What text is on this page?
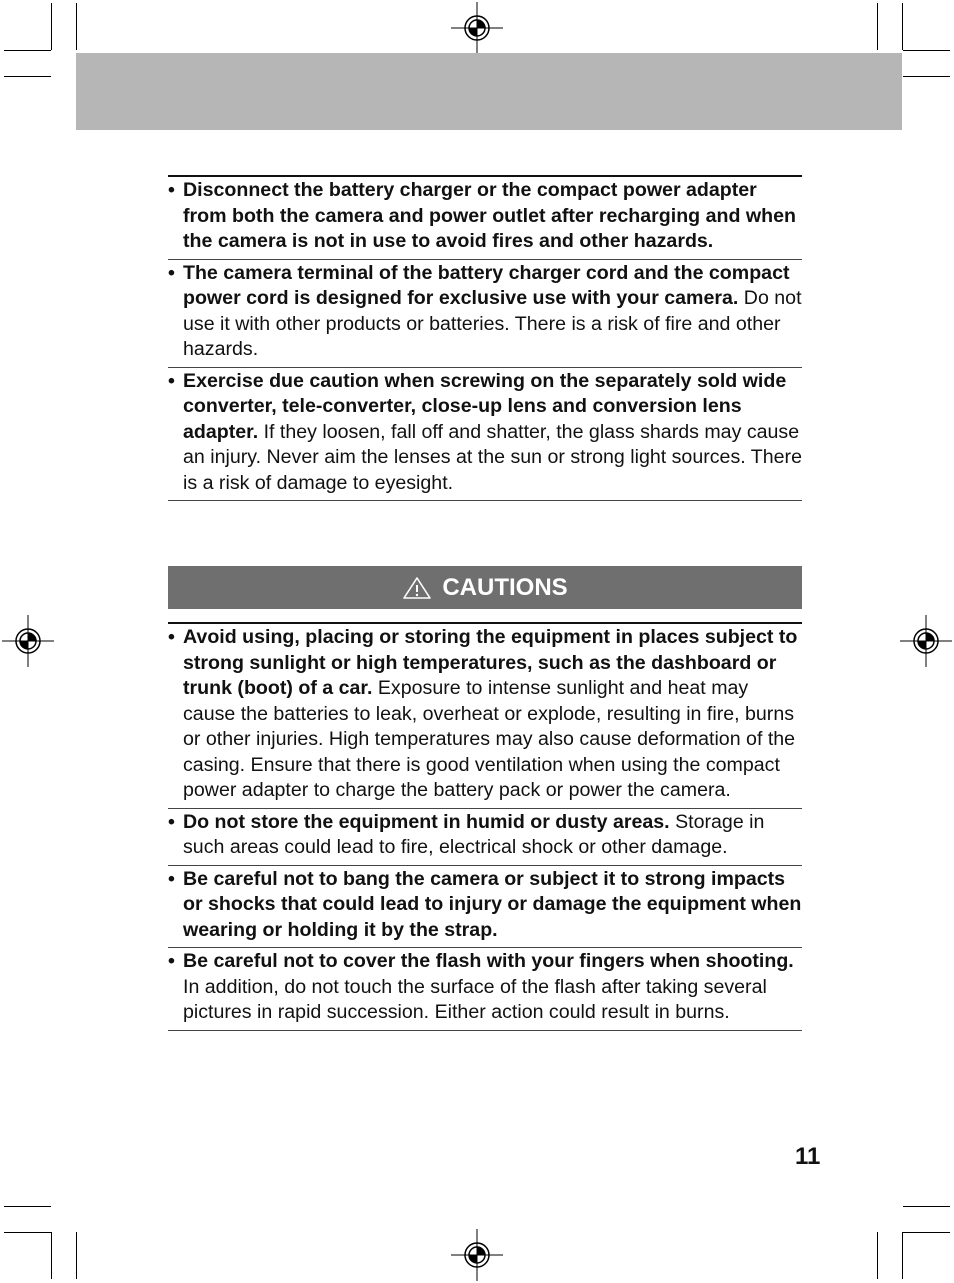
• Disconnect the battery charger or the compact power adapter from both the camera and power outlet after recharging and when the camera is not in use to avoid fires and other hazards.
• The camera terminal of the battery charger cord and the compact power cord is designed for exclusive use with your camera. Do not use it with other products or batteries. There is a risk of fire and other hazards.
• Exercise due caution when screwing on the separately sold wide converter, tele-converter, close-up lens and conversion lens adapter. If they loosen, fall off and shatter, the glass shards may cause an injury. Never aim the lenses at the sun or strong light sources. There is a risk of damage to eyesight.
CAUTIONS
• Avoid using, placing or storing the equipment in places subject to strong sunlight or high temperatures, such as the dashboard or trunk (boot) of a car. Exposure to intense sunlight and heat may cause the batteries to leak, overheat or explode, resulting in fire, burns or other injuries. High temperatures may also cause deformation of the casing. Ensure that there is good ventilation when using the compact power adapter to charge the battery pack or power the camera.
• Do not store the equipment in humid or dusty areas. Storage in such areas could lead to fire, electrical shock or other damage.
• Be careful not to bang the camera or subject it to strong impacts or shocks that could lead to injury or damage the equipment when wearing or holding it by the strap.
• Be careful not to cover the flash with your fingers when shooting. In addition, do not touch the surface of the flash after taking several pictures in rapid succession. Either action could result in burns.
11
